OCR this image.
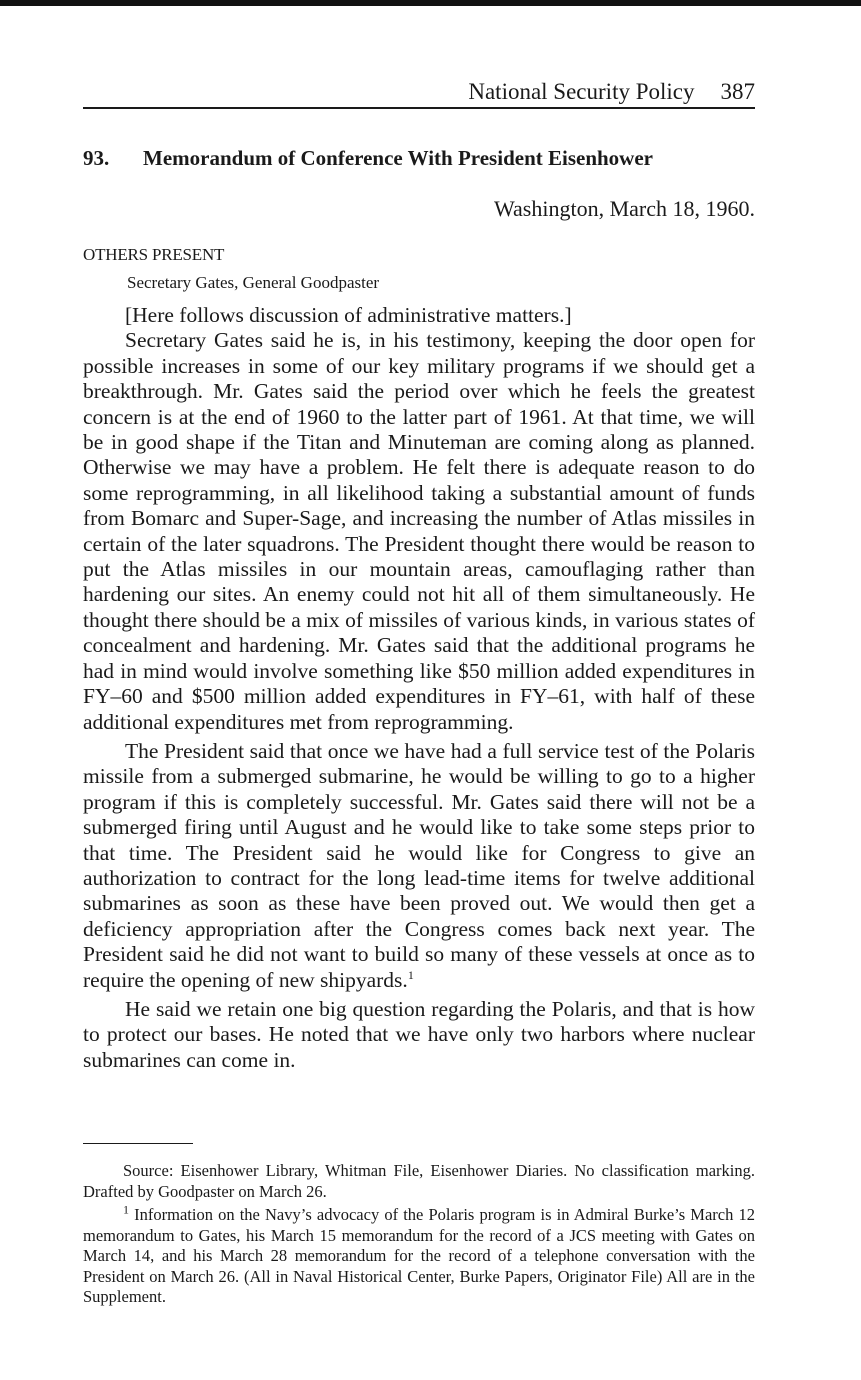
National Security Policy 387
93. Memorandum of Conference With President Eisenhower
Washington, March 18, 1960.
OTHERS PRESENT
Secretary Gates, General Goodpaster

[Here follows discussion of administrative matters.]

Secretary Gates said he is, in his testimony, keeping the door open for possible increases in some of our key military programs if we should get a breakthrough. Mr. Gates said the period over which he feels the greatest concern is at the end of 1960 to the latter part of 1961. At that time, we will be in good shape if the Titan and Minuteman are coming along as planned. Otherwise we may have a problem. He felt there is adequate reason to do some reprogramming, in all likelihood taking a substantial amount of funds from Bomarc and Super-Sage, and increasing the number of Atlas missiles in certain of the later squadrons. The President thought there would be reason to put the Atlas missiles in our mountain areas, camouflaging rather than hardening our sites. An enemy could not hit all of them simultaneously. He thought there should be a mix of missiles of various kinds, in various states of concealment and hardening. Mr. Gates said that the additional programs he had in mind would involve something like $50 million added expenditures in FY–60 and $500 million added expenditures in FY–61, with half of these additional expenditures met from reprogramming.

The President said that once we have had a full service test of the Polaris missile from a submerged submarine, he would be willing to go to a higher program if this is completely successful. Mr. Gates said there will not be a submerged firing until August and he would like to take some steps prior to that time. The President said he would like for Congress to give an authorization to contract for the long lead-time items for twelve additional submarines as soon as these have been proved out. We would then get a deficiency appropriation after the Congress comes back next year. The President said he did not want to build so many of these vessels at once as to require the opening of new shipyards.$^1$

He said we retain one big question regarding the Polaris, and that is how to protect our bases. He noted that we have only two harbors where nuclear submarines can come in.

Source: Eisenhower Library, Whitman File, Eisenhower Diaries. No classification marking. Drafted by Goodpaster on March 26.

$^1$ Information on the Navy’s advocacy of the Polaris program is in Admiral Burke’s March 12 memorandum to Gates, his March 15 memorandum for the record of a JCS meeting with Gates on March 14, and his March 28 memorandum for the record of a telephone conversation with the President on March 26. (All in Naval Historical Center, Burke Papers, Originator File) All are in the Supplement.
